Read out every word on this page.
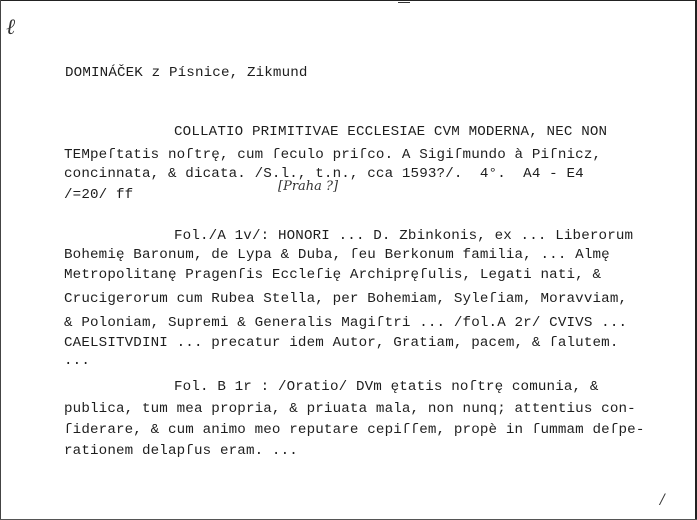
ℓ
DOMINÁČEK z Písnice, Zikmund
COLLATIO PRIMITIVAE ECCLESIAE CVM MODERNA, NEC NON
TEMpeſtatis noſtrę, cum ſeculo priſco. A Sigiſmundo à Piſnicz,
concinnata, & dicata. /S.l., t.n., cca 1593?/.  4°.  A4 - E4
/=20/ ff
[Praha ?]
Fol./A 1v/: HONORI ... D. Zbinkonis, ex ... Liberorum
Bohemię Baronum, de Lypa & Duba, ſeu Berkonum familia, ... Almę
Metropolitanę Pragenſis Eccleſię Archipręſulis, Legati nati, &
Crucigerorum cum Rubea Stella, per Bohemiam, Syleſiam, Moravviam,
& Poloniam, Supremi & Generalis Magiſtri ... /fol.A 2r/ CVIVS ...
CAELSITVDINI ... precatur idem Autor, Gratiam, pacem, & ſalutem.
...
Fol. B 1r : /Oratio/ DVm ętatis noſtrę comunia, &
publica, tum mea propria, & priuata mala, non nunq; attentius con-
ſiderare, & cum animo meo reputare cepiſſem, propè in ſummam deſpe-
rationem delapſus eram. ...
/
